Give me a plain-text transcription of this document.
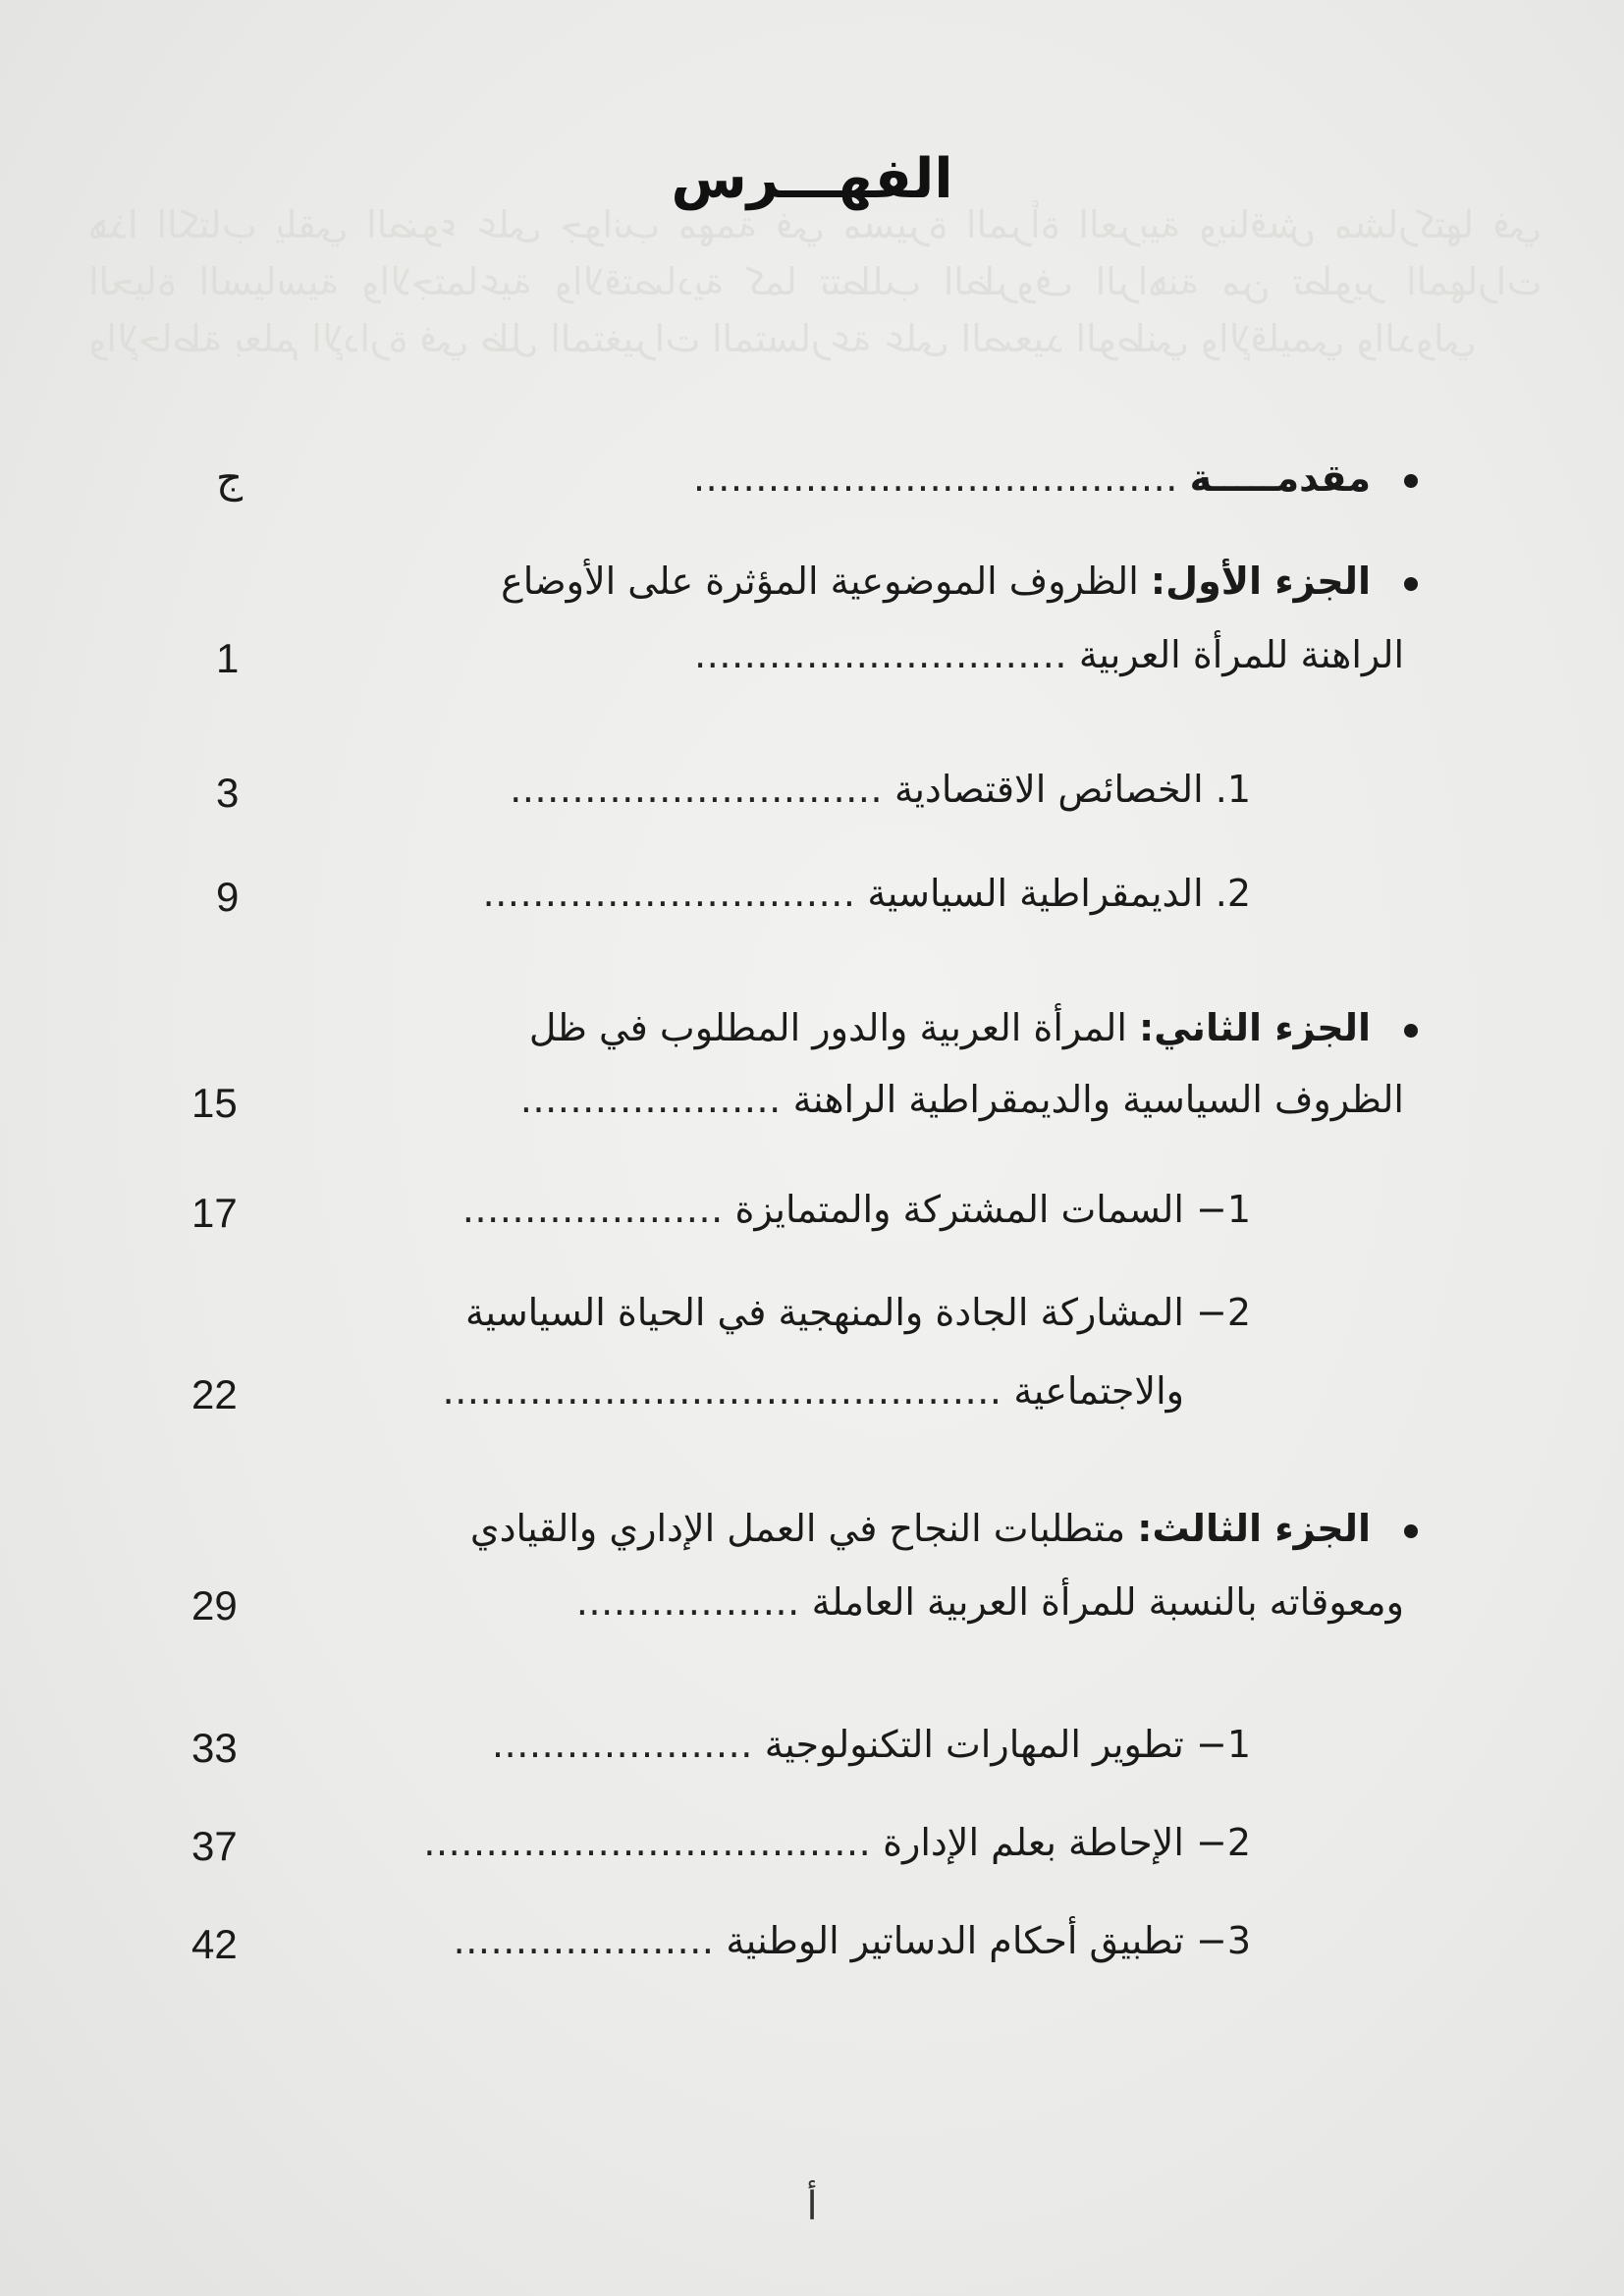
هذا الكتاب يلقي الضوء على جوانب مهمة في مسيرة المرأة العربية ويناقش مشاركتها في الحياة السياسية والاجتماعية والاقتصادية كما تتطلب الظروف الراهنة من تطوير المهارات والإحاطة بعلم الإدارة في ظل المتغيرات المتسارعة على الصعيد الوطني والإقليمي والدولي
الفهـــرس
مقدمـــــة …………………………………
ج
الجزء الأول: الظروف الموضوعية المؤثرة على الأوضاع
الراهنة للمرأة العربية …………………………
1
1. الخصائص الاقتصادية …………………………
3
2. الديمقراطية السياسية …………………………
9
الجزء الثاني: المرأة العربية والدور المطلوب في ظل
الظروف السياسية والديمقراطية الراهنة …………………
15
1− السمات المشتركة والمتمايزة …………………
17
2− المشاركة الجادة والمنهجية في الحياة السياسية
والاجتماعية ………………………………………
22
الجزء الثالث: متطلبات النجاح في العمل الإداري والقيادي
ومعوقاته بالنسبة للمرأة العربية العاملة ………………
29
1− تطوير المهارات التكنولوجية …………………
33
2− الإحاطة بعلم الإدارة ………………………………
37
3− تطبيق أحكام الدساتير الوطنية …………………
42
أ
